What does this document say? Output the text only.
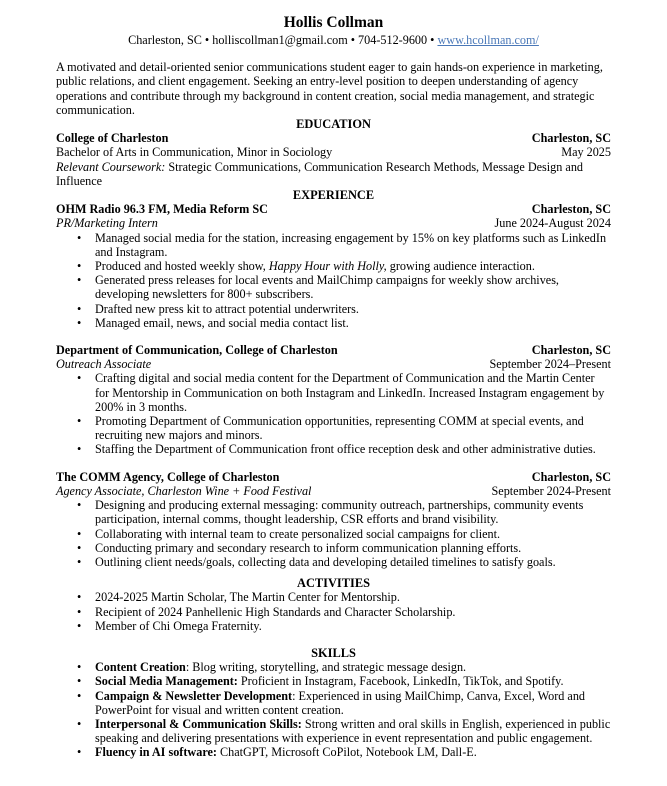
Hollis Collman
Charleston, SC • holliscollman1@gmail.com • 704-512-9600 • www.hcollman.com/
A motivated and detail-oriented senior communications student eager to gain hands-on experience in marketing, public relations, and client engagement. Seeking an entry-level position to deepen understanding of agency operations and contribute through my background in content creation, social media management, and strategic communication.
EDUCATION
College of Charleston	Charleston, SC
Bachelor of Arts in Communication, Minor in Sociology	May 2025
Relevant Coursework: Strategic Communications, Communication Research Methods, Message Design and Influence
EXPERIENCE
OHM Radio 96.3 FM, Media Reform SC	Charleston, SC
PR/Marketing Intern	June 2024-August 2024
• Managed social media for the station, increasing engagement by 15% on key platforms such as LinkedIn and Instagram.
• Produced and hosted weekly show, Happy Hour with Holly, growing audience interaction.
• Generated press releases for local events and MailChimp campaigns for weekly show archives, developing newsletters for 800+ subscribers.
• Drafted new press kit to attract potential underwriters.
• Managed email, news, and social media contact list.
Department of Communication, College of Charleston	Charleston, SC
Outreach Associate	September 2024–Present
• Crafting digital and social media content for the Department of Communication and the Martin Center for Mentorship in Communication on both Instagram and LinkedIn. Increased Instagram engagement by 200% in 3 months.
• Promoting Department of Communication opportunities, representing COMM at special events, and recruiting new majors and minors.
• Staffing the Department of Communication front office reception desk and other administrative duties.
The COMM Agency, College of Charleston	Charleston, SC
Agency Associate, Charleston Wine + Food Festival	September 2024-Present
• Designing and producing external messaging: community outreach, partnerships, community events participation, internal comms, thought leadership, CSR efforts and brand visibility.
• Collaborating with internal team to create personalized social campaigns for client.
• Conducting primary and secondary research to inform communication planning efforts.
• Outlining client needs/goals, collecting data and developing detailed timelines to satisfy goals.
ACTIVITIES
• 2024-2025 Martin Scholar, The Martin Center for Mentorship.
• Recipient of 2024 Panhellenic High Standards and Character Scholarship.
• Member of Chi Omega Fraternity.
SKILLS
• Content Creation: Blog writing, storytelling, and strategic message design.
• Social Media Management: Proficient in Instagram, Facebook, LinkedIn, TikTok, and Spotify.
• Campaign & Newsletter Development: Experienced in using MailChimp, Canva, Excel, Word and PowerPoint for visual and written content creation.
• Interpersonal & Communication Skills: Strong written and oral skills in English, experienced in public speaking and delivering presentations with experience in event representation and public engagement.
• Fluency in AI software: ChatGPT, Microsoft CoPilot, Notebook LM, Dall-E.
